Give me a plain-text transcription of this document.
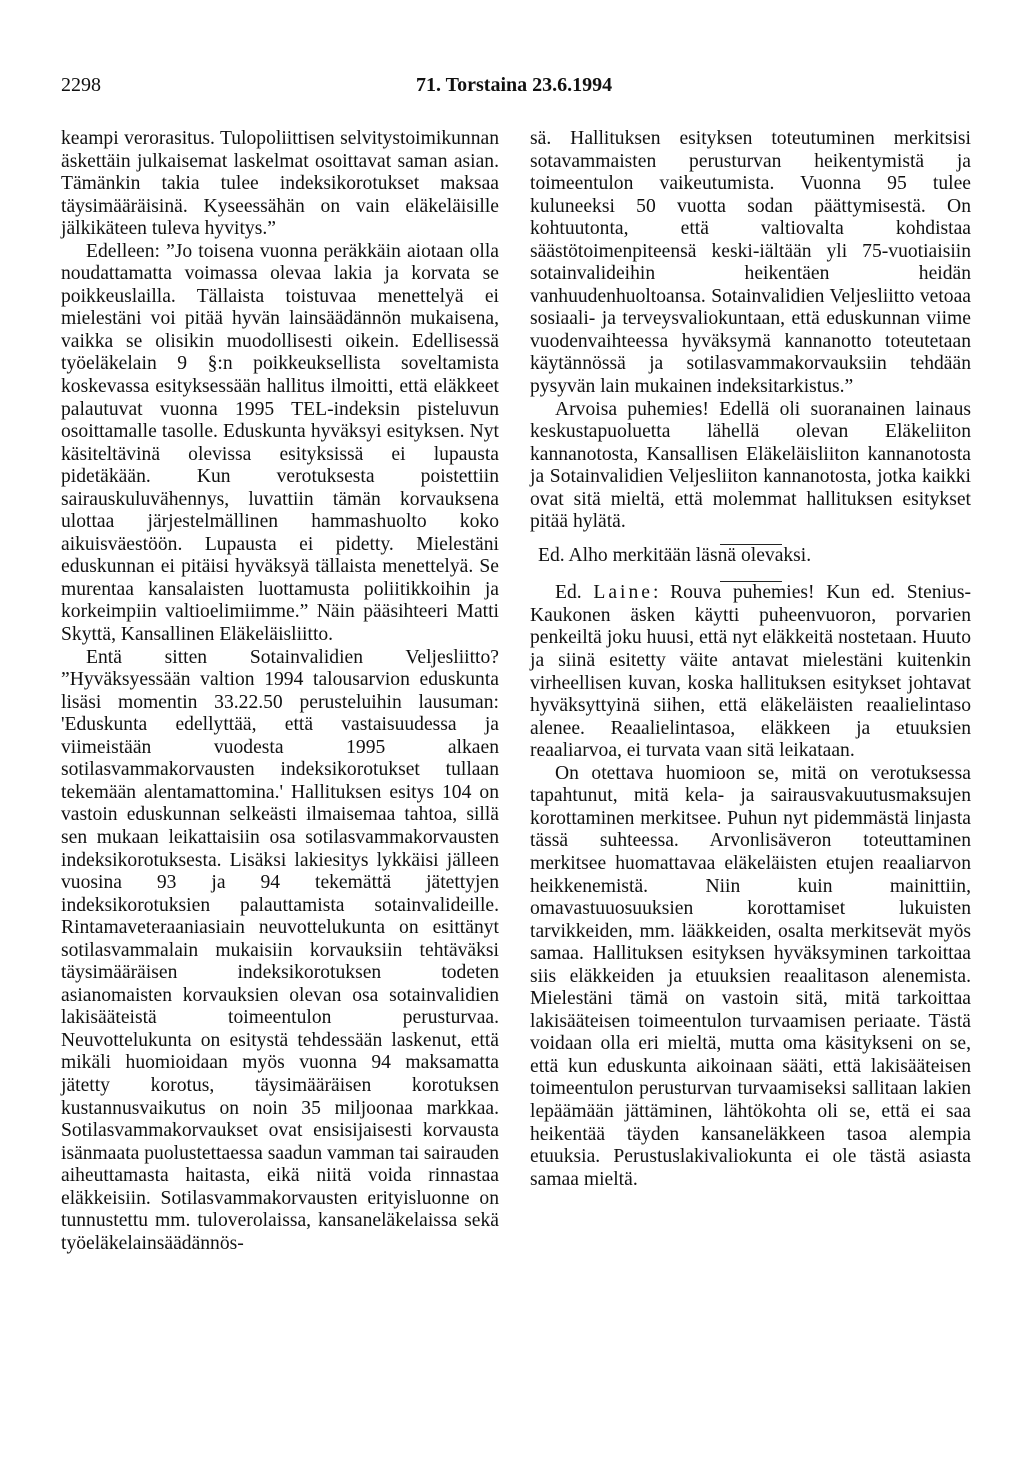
2298	71. Torstaina 23.6.1994

keampi verorasitus. Tulopoliittisen selvitystoimikunnan äskettäin julkaisemat laskelmat osoittavat saman asian. Tämänkin takia tulee indeksikorotukset maksaa täysimääräisinä. Kyseessähän on vain eläkeläisille jälkikäteen tuleva hyvitys.”

Edelleen: ”Jo toisena vuonna peräkkäin aiotaan olla noudattamatta voimassa olevaa lakia ja korvata se poikkeuslailla. Tällaista toistuvaa menettelyä ei mielestäni voi pitää hyvän lainsäädännön mukaisena, vaikka se olisikin muodollisesti oikein. Edellisessä työeläkelain 9 §:n poikkeuksellista soveltamista koskevassa esityksessään hallitus ilmoitti, että eläkkeet palautuvat vuonna 1995 TEL-indeksin pisteluvun osoittamalle tasolle. Eduskunta hyväksyi esityksen. Nyt käsiteltävinä olevissa esityksissä ei lupausta pidetäkään. Kun verotuksesta poistettiin sairauskuluvähennys, luvattiin tämän korvauksena ulottaa järjestelmällinen hammashuolto koko aikuisväestöön. Lupausta ei pidetty. Mielestäni eduskunnan ei pitäisi hyväksyä tällaista menettelyä. Se murentaa kansalaisten luottamusta poliitikkoihin ja korkeimpiin valtioelimiimme.” Näin pääsihteeri Matti Skyttä, Kansallinen Eläkeläisliitto.

Entä sitten Sotainvalidien Veljesliitto? ”Hyväksyessään valtion 1994 talousarvion eduskunta lisäsi momentin 33.22.50 perusteluihin lausuman: 'Eduskunta edellyttää, että vastaisuudessa ja viimeistään vuodesta 1995 alkaen sotilasvammakorvausten indeksikorotukset tullaan tekemään alentamattomina.' Hallituksen esitys 104 on vastoin eduskunnan selkeästi ilmaisemaa tahtoa, sillä sen mukaan leikattaisiin osa sotilasvammakorvausten indeksikorotuksesta. Lisäksi lakiesitys lykkäisi jälleen vuosina 93 ja 94 tekemättä jätettyjen indeksikorotuksien palauttamista sotainvalideille. Rintamaveteraaniasiain neuvottelukunta on esittänyt sotilasvammalain mukaisiin korvauksiin tehtäväksi täysimääräisen indeksikorotuksen todeten asianomaisten korvauksien olevan osa sotainvalidien lakisääteistä toimeentulon perusturvaa. Neuvottelukunta on esitystä tehdessään laskenut, että mikäli huomioidaan myös vuonna 94 maksamatta jätetty korotus, täysimääräisen korotuksen kustannusvaikutus on noin 35 miljoonaa markkaa. Sotilasvammakorvaukset ovat ensisijaisesti korvausta isänmaata puolustettaessa saadun vamman tai sairauden aiheuttamasta haitasta, eikä niitä voida rinnastaa eläkkeisiin. Sotilasvammakorvausten erityisluonne on tunnustettu mm. tuloverolaissa, kansaneläkelaissa sekä työeläkelainsäädännös-

sä. Hallituksen esityksen toteutuminen merkitsisi sotavammaisten perusturvan heikentymistä ja toimeentulon vaikeutumista. Vuonna 95 tulee kuluneeksi 50 vuotta sodan päättymisestä. On kohtuutonta, että valtiovalta kohdistaa säästötoimenpiteensä keski-iältään yli 75-vuotiaisiin sotainvalideihin heikentäen heidän vanhuudenhuoltoansa. Sotainvalidien Veljesliitto vetoaa sosiaali- ja terveysvaliokuntaan, että eduskunnan viime vuodenvaihteessa hyväksymä kannanotto toteutetaan käytännössä ja sotilasvammakorvauksiin tehdään pysyvän lain mukainen indeksitarkistus.”

Arvoisa puhemies! Edellä oli suoranainen lainaus keskustapuoluetta lähellä olevan Eläkeliiton kannanotosta, Kansallisen Eläkeläisliiton kannanotosta ja Sotainvalidien Veljesliiton kannanotosta, jotka kaikki ovat sitä mieltä, että molemmat hallituksen esitykset pitää hylätä.

Ed. Alho merkitään läsnä olevaksi.

Ed. Laine: Rouva puhemies! Kun ed. Stenius-Kaukonen äsken käytti puheenvuoron, porvarien penkeiltä joku huusi, että nyt eläkkeitä nostetaan. Huuto ja siinä esitetty väite antavat mielestäni kuitenkin virheellisen kuvan, koska hallituksen esitykset johtavat hyväksyttyinä siihen, että eläkeläisten reaalielintaso alenee. Reaalielintasoa, eläkkeen ja etuuksien reaaliarvoa, ei turvata vaan sitä leikataan.

On otettava huomioon se, mitä on verotuksessa tapahtunut, mitä kela- ja sairausvakuutusmaksujen korottaminen merkitsee. Puhun nyt pidemmästä linjasta tässä suhteessa. Arvonlisäveron toteuttaminen merkitsee huomattavaa eläkeläisten etujen reaaliarvon heikkenemistä. Niin kuin mainittiin, omavastuuosuuksien korottamiset lukuisten tarvikkeiden, mm. lääkkeiden, osalta merkitsevät myös samaa. Hallituksen esityksen hyväksyminen tarkoittaa siis eläkkeiden ja etuuksien reaalitason alenemista. Mielestäni tämä on vastoin sitä, mitä tarkoittaa lakisääteisen toimeentulon turvaamisen periaate. Tästä voidaan olla eri mieltä, mutta oma käsitykseni on se, että kun eduskunta aikoinaan sääti, että lakisääteisen toimeentulon perusturvan turvaamiseksi sallitaan lakien lepäämään jättäminen, lähtökohta oli se, että ei saa heikentää täyden kansaneläkkeen tasoa alempia etuuksia. Perustuslakivaliokunta ei ole tästä asiasta samaa mieltä.
